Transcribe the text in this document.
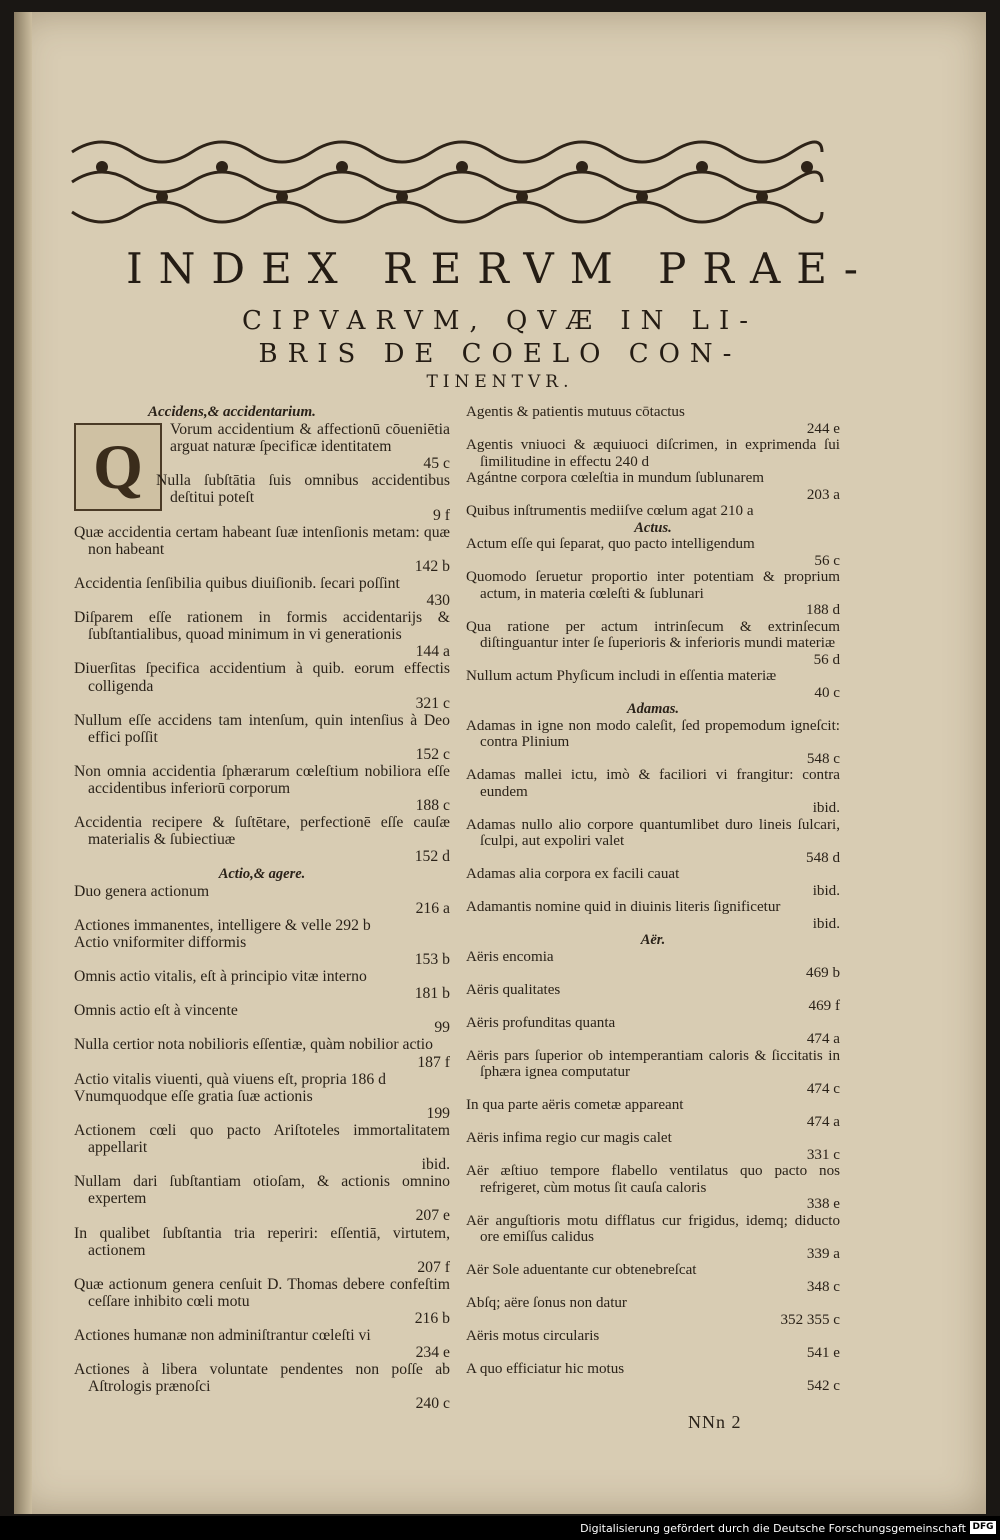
INDEX RERVM PRAE-
CIPVARVM, QVÆ IN LI-
BRIS DE COELO CON-
TINENTVR.
Accidens,& accidentarium.
Q
Vorum accidentium & affectionū cōueniētia arguat naturæ ſpecificæ identitatem
45 c
Nulla ſubſtātia ſuis omnibus accidentibus deſtitui poteſt
9 f
Quæ accidentia certam habeant ſuæ intenſionis metam: quæ non habeant
142 b
Accidentia ſenſibilia quibus diuiſionib. ſecari poſſint
430
Diſparem eſſe rationem in formis accidentarijs & ſubſtantialibus, quoad minimum in vi generationis
144 a
Diuerſitas ſpecifica accidentium à quib. eorum effectis colligenda
321 c
Nullum eſſe accidens tam intenſum, quin intenſius à Deo effici poſſit
152 c
Non omnia accidentia ſphærarum cœleſtium nobiliora eſſe accidentibus inferiorū corporum
188 c
Accidentia recipere & ſuſtētare, perfectionē eſſe cauſæ materialis & ſubiectiuæ
152 d
Actio,& agere.
Duo genera actionum
216 a
Actiones immanentes, intelligere & velle 292 b
Actio vniformiter difformis
153 b
Omnis actio vitalis, eſt à principio vitæ interno
181 b
Omnis actio eſt à vincente
99
Nulla certior nota nobilioris eſſentiæ, quàm nobilior actio
187 f
Actio vitalis viuenti, quà viuens eſt, propria 186 d
Vnumquodque eſſe gratia ſuæ actionis
199
Actionem cœli quo pacto Ariſtoteles immortalitatem appellarit
ibid.
Nullam dari ſubſtantiam otioſam, & actionis omnino expertem
207 e
In qualibet ſubſtantia tria reperiri: eſſentiā, virtutem, actionem
207 f
Quæ actionum genera cenſuit D. Thomas debere confeſtim ceſſare inhibito cœli motu
216 b
Actiones humanæ non adminiſtrantur cœleſti vi
234 e
Actiones à libera voluntate pendentes non poſſe ab Aſtrologis prænoſci
240 c
Agentis & patientis mutuus cōtactus
244 e
Agentis vniuoci & æquiuoci diſcrimen, in exprimenda ſui ſimilitudine in effectu 240 d
Agántne corpora cœleſtia in mundum ſublunarem
203 a
Quibus inſtrumentis mediiſve cœlum agat 210 a
Actus.
Actum eſſe qui ſeparat, quo pacto intelligendum
56 c
Quomodo ſeruetur proportio inter potentiam & proprium actum, in materia cœleſti & ſublunari
188 d
Qua ratione per actum intrinſecum & extrinſecum diſtinguantur inter ſe ſuperioris & inferioris mundi materiæ
56 d
Nullum actum Phyſicum includi in eſſentia materiæ
40 c
Adamas.
Adamas in igne non modo caleſit, ſed propemodum igneſcit: contra Plinium
548 c
Adamas mallei ictu, imò & faciliori vi frangitur: contra eundem
ibid.
Adamas nullo alio corpore quantumlibet duro lineis ſulcari, ſculpi, aut expoliri valet
548 d
Adamas alia corpora ex facili cauat
ibid.
Adamantis nomine quid in diuinis literis ſignificetur
ibid.
Aër.
Aëris encomia
469 b
Aëris qualitates
469 f
Aëris profunditas quanta
474 a
Aëris pars ſuperior ob intemperantiam caloris & ſiccitatis in ſphæra ignea computatur
474 c
In qua parte aëris cometæ appareant
474 a
Aëris infima regio cur magis calet
331 c
Aër æſtiuo tempore flabello ventilatus quo pacto nos refrigeret, cùm motus ſit cauſa caloris
338 e
Aër anguſtioris motu difflatus cur frigidus, idemq; diducto ore emiſſus calidus
339 a
Aër Sole aduentante cur obtenebreſcat
348 c
Abſq; aëre ſonus non datur
352 355 c
Aëris motus circularis
541 e
A quo efficiatur hic motus
542 c
NNn 2
Digitalisierung gefördert durch die Deutsche Forschungsgemeinschaft DFG
